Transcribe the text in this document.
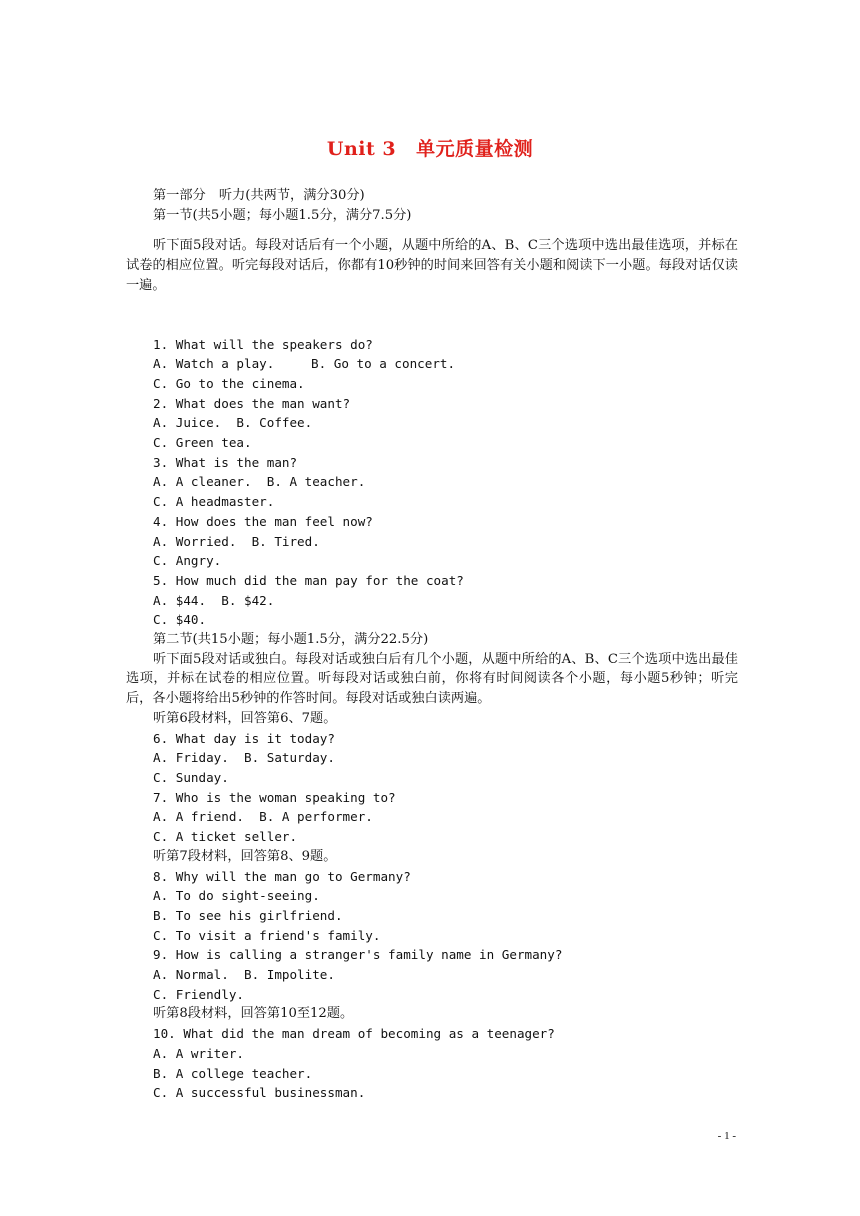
Unit 3 单元质量检测

第一部分　听力(共两节，满分30分)

第一节(共5小题；每小题1.5分，满分7.5分)

听下面5段对话。每段对话后有一个小题，从题中所给的A、B、C三个选项中选出最佳选项，并标在试卷的相应位置。听完每段对话后，你都有10秒钟的时间来回答有关小题和阅读下一小题。每段对话仅读一遍。

1. What will the speakers do?

A. Watch a play.	B. Go to a concert.

C. Go to the cinema.

2. What does the man want?

A. Juice.  B. Coffee.

C. Green tea.

3. What is the man?

A. A cleaner.  B. A teacher.

C. A headmaster.

4. How does the man feel now?

A. Worried.  B. Tired.

C. Angry.

5. How much did the man pay for the coat?

A. $44.  B. $42.

C. $40.

第二节(共15小题；每小题1.5分，满分22.5分)

听下面5段对话或独白。每段对话或独白后有几个小题，从题中所给的A、B、C三个选项中选出最佳选项，并标在试卷的相应位置。听每段对话或独白前，你将有时间阅读各个小题，每小题5秒钟；听完后，各小题将给出5秒钟的作答时间。每段对话或独白读两遍。

听第6段材料，回答第6、7题。

6. What day is it today?

A. Friday.  B. Saturday.

C. Sunday.

7. Who is the woman speaking to?

A. A friend.  B. A performer.

C. A ticket seller.

听第7段材料，回答第8、9题。

8. Why will the man go to Germany?

A. To do sight-seeing.

B. To see his girlfriend.

C. To visit a friend's family.

9. How is calling a stranger's family name in Germany?

A. Normal.  B. Impolite.

C. Friendly.

听第8段材料，回答第10至12题。

10. What did the man dream of becoming as a teenager?

A. A writer.

B. A college teacher.

C. A successful businessman.

- 1 -
